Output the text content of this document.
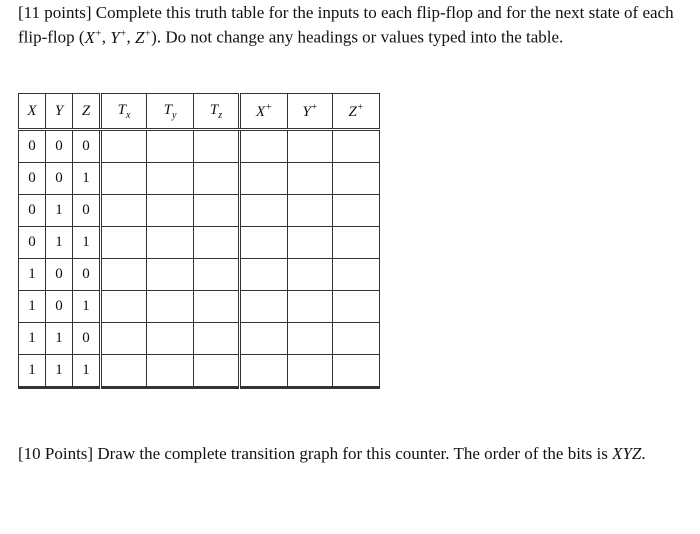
[11 points] Complete this truth table for the inputs to each flip-flop and for the next state of each flip-flop (X+, Y+, Z+). Do not change any headings or values typed into the table.
X	Y	Z	$T_x$	$T_y$	$T_z$	X+	Y+	Z+
0	0	0						
0	0	1						
0	1	0						
0	1	1						
1	0	0						
1	0	1						
1	1	0						
1	1	1						
[10 Points] Draw the complete transition graph for this counter. The order of the bits is XYZ.
